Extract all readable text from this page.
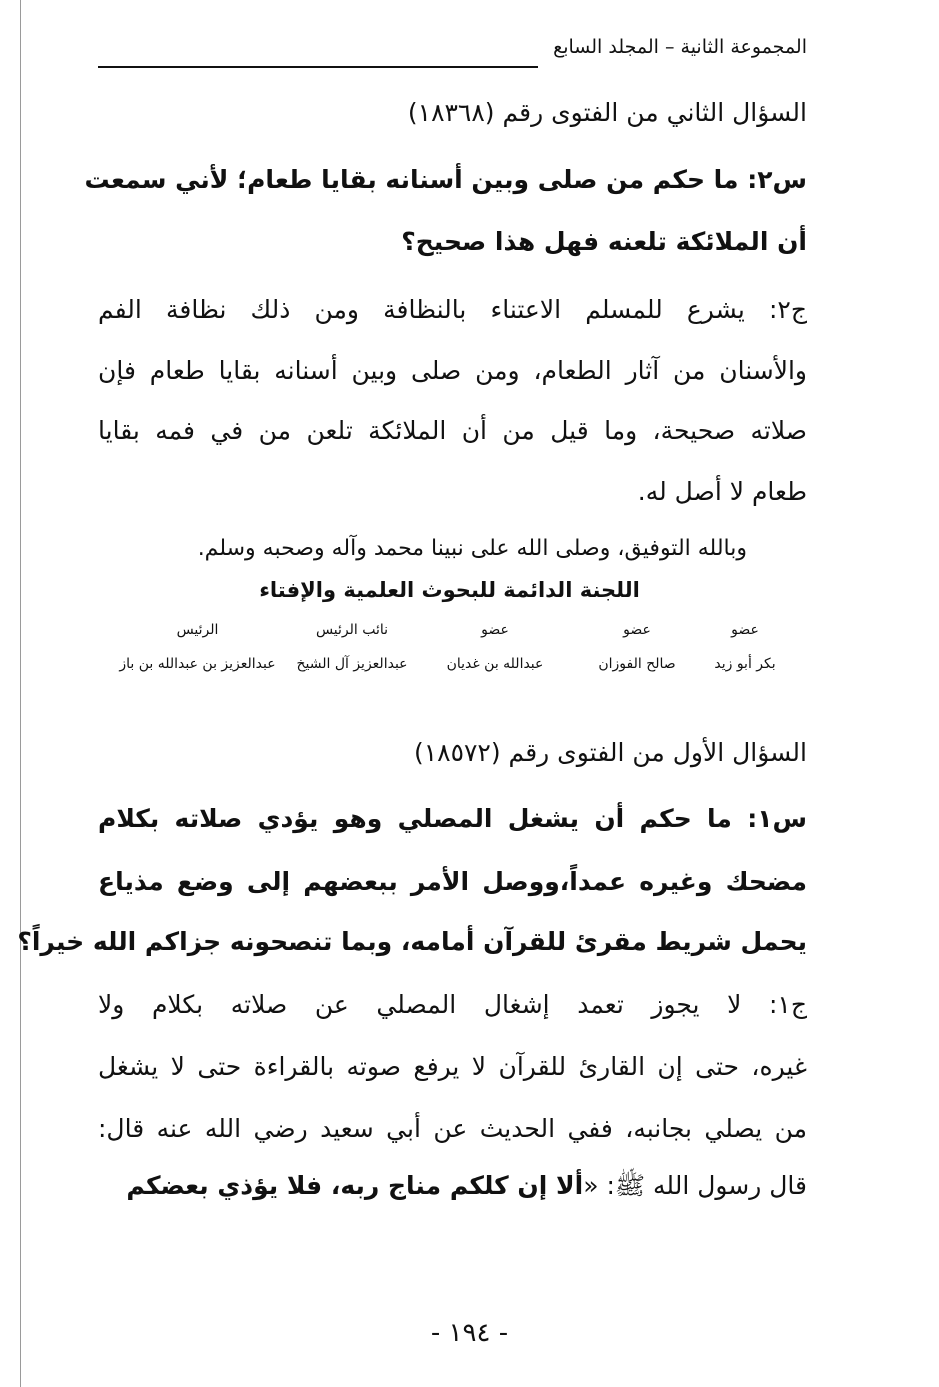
المجموعة الثانية – المجلد السابع
السؤال الثاني من الفتوى رقم (١٨٣٦٨)
س٢: ما حكم من صلى وبين أسنانه بقايا طعام؛ لأني سمعت
أن الملائكة تلعنه فهل هذا صحيح؟
ج٢: يشرع للمسلم الاعتناء بالنظافة ومن ذلك نظافة الفم
والأسنان من آثار الطعام، ومن صلى وبين أسنانه بقايا طعام فإن
صلاته صحيحة، وما قيل من أن الملائكة تلعن من في فمه بقايا
طعام لا أصل له.
وبالله التوفيق، وصلى الله على نبينا محمد وآله وصحبه وسلم.
اللجنة الدائمة للبحوث العلمية والإفتاء
عضو
بكر أبو زيد
عضو
صالح الفوزان
عضو
عبدالله بن غديان
نائب الرئيس
عبدالعزيز آل الشيخ
الرئيس
عبدالعزيز بن عبدالله بن باز
السؤال الأول من الفتوى رقم (١٨٥٧٢)
س١: ما حكم أن يشغل المصلي وهو يؤدي صلاته بكلام
مضحك وغيره عمداً،ووصل الأمر ببعضهم إلى وضع مذياع
يحمل شريط مقرئ للقرآن أمامه، وبما تنصحونه جزاكم الله خيراً؟
ج١: لا يجوز تعمد إشغال المصلي عن صلاته بكلام ولا
غيره، حتى إن القارئ للقرآن لا يرفع صوته بالقراءة حتى لا يشغل
من يصلي بجانبه، ففي الحديث عن أبي سعيد رضي الله عنه قال:
قال رسول الله ﷺ: «ألا إن كلكم مناج ربه، فلا يؤذي بعضكم
- ١٩٤ -
